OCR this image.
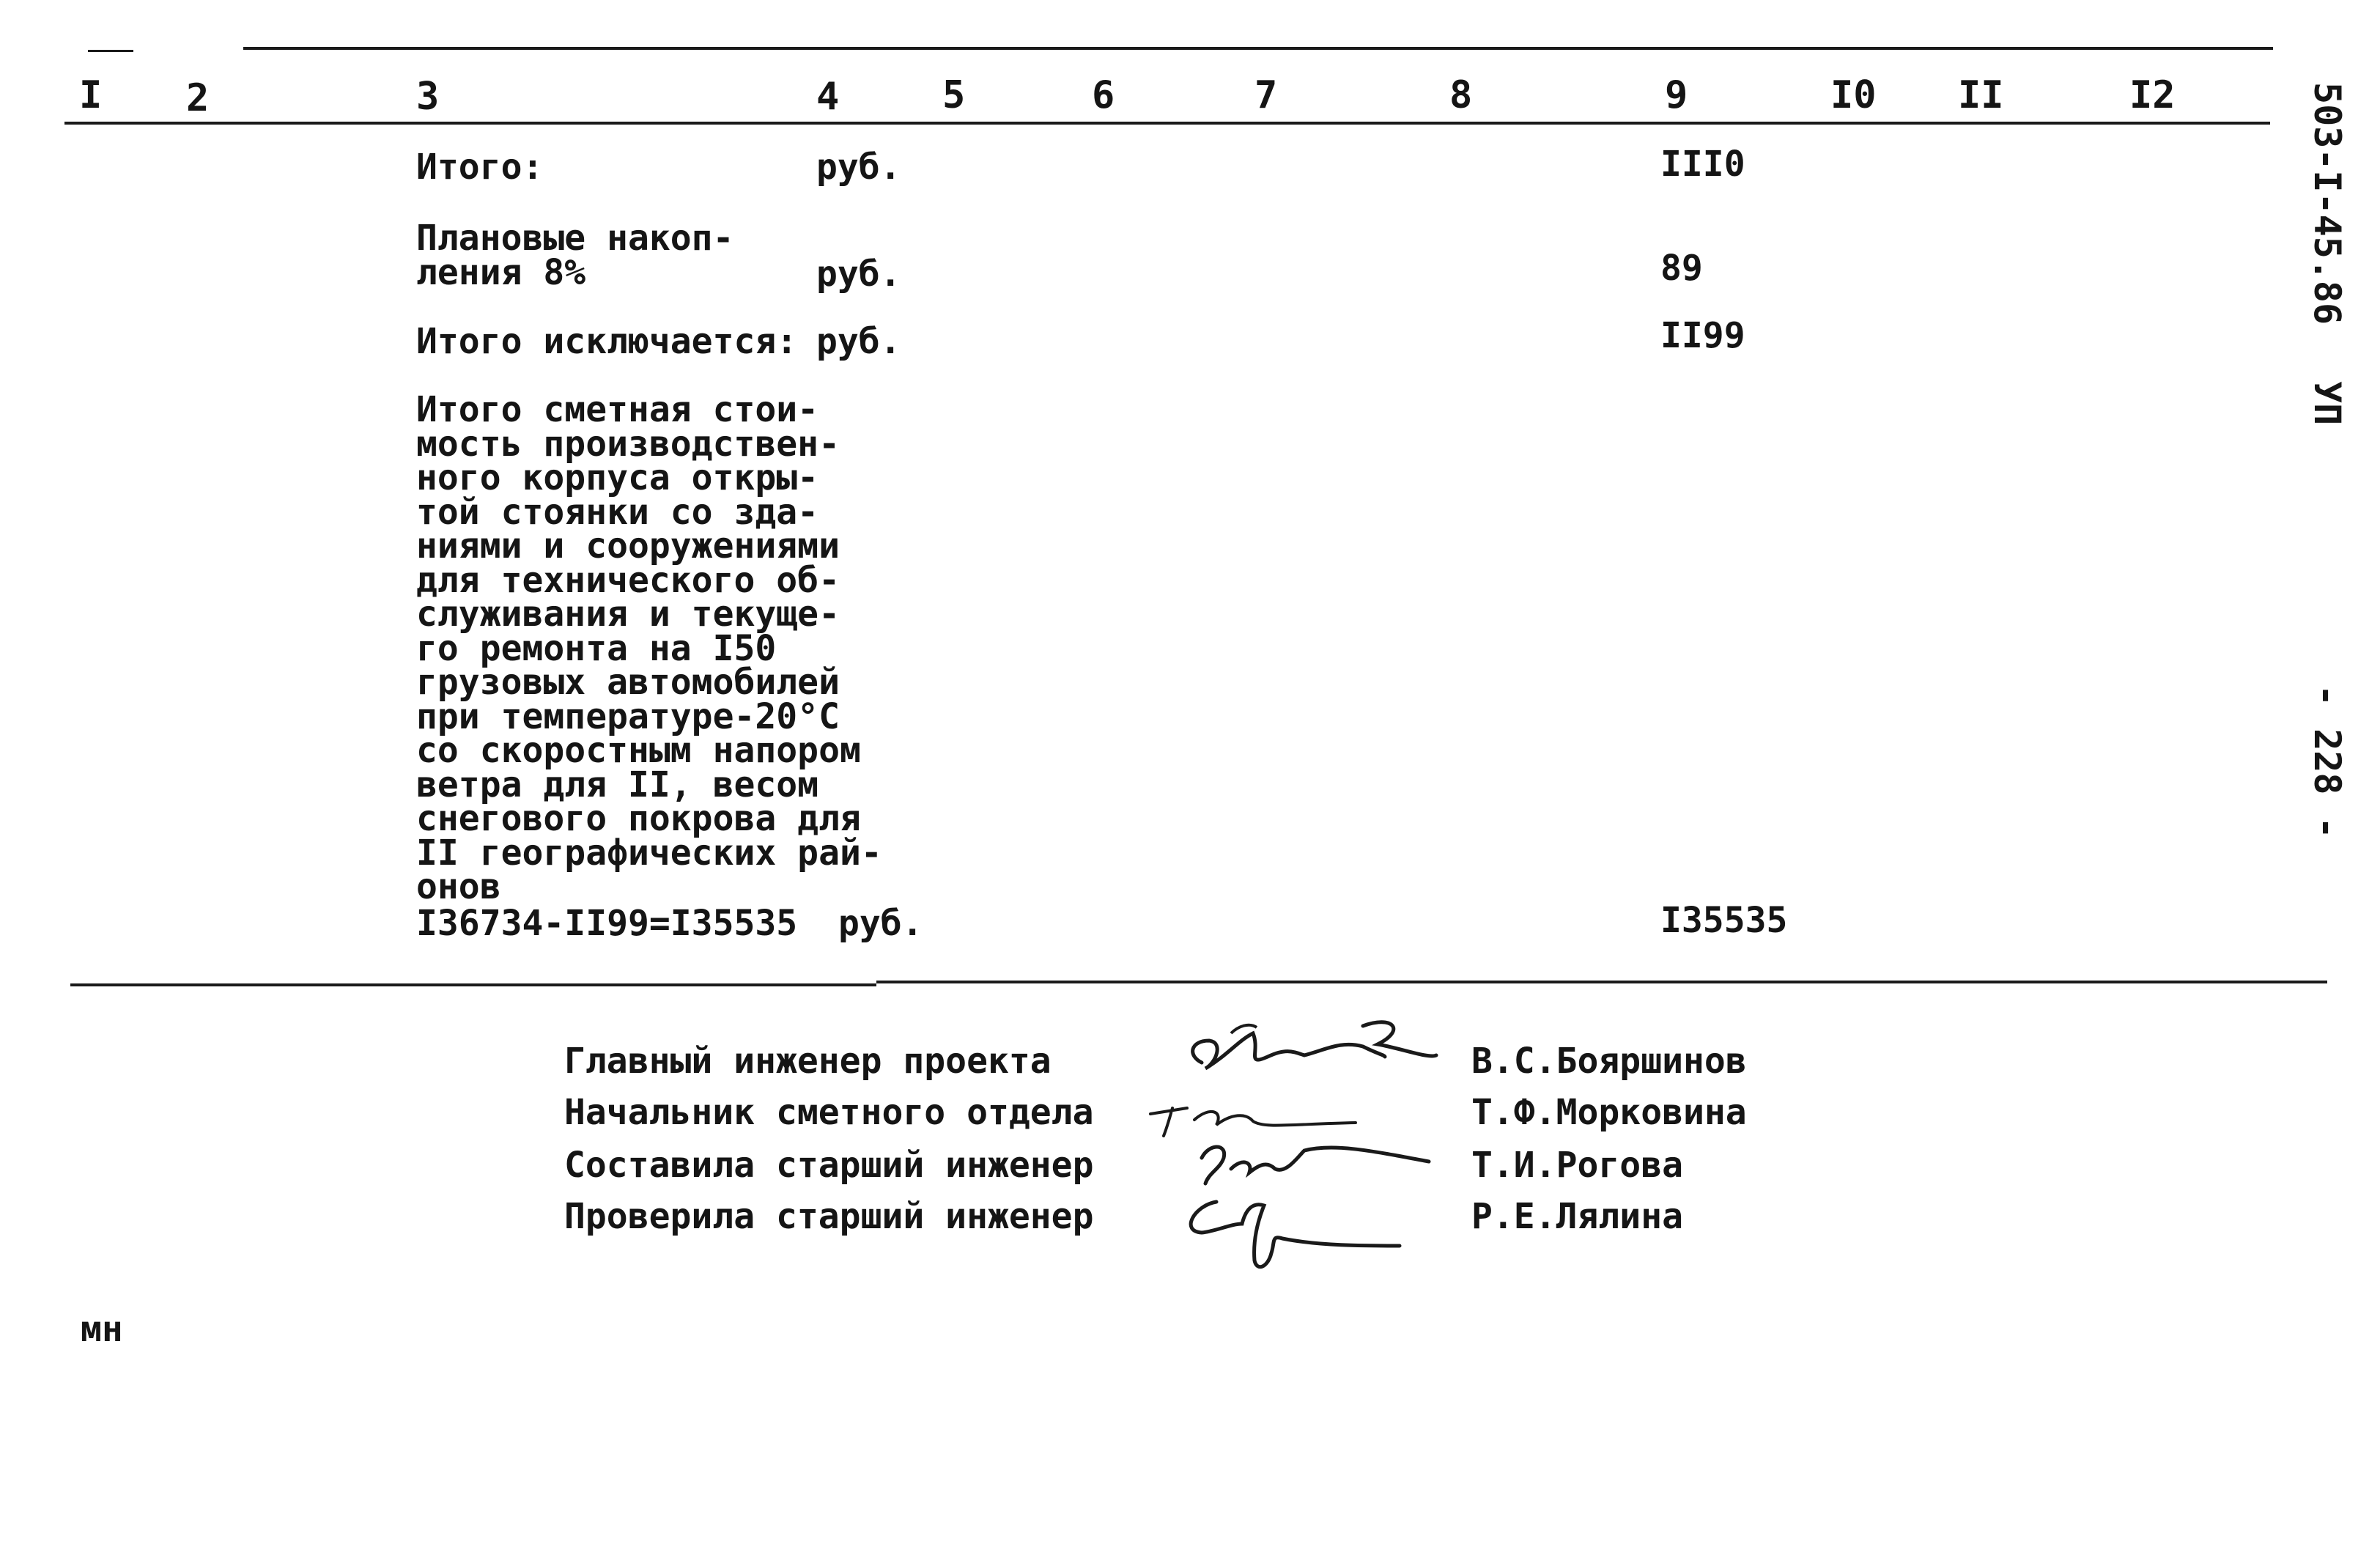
I 2	3	4	5	6	7	8	9	I0 II	I2
Итого:	руб.	III0
Плановые накоп-
ления 8%	руб.	89
Итого исключается: руб.	II99
Итого сметная стои-
мость производствен-
ного корпуса откры-
той стоянки со зда-
ниями и сооружениями
для технического об-
служивания и текуще-
го ремонта на I50
грузовых автомобилей
при температуре-20°С
со скоростным напором
ветра для II, весом
снегового покрова для
II географических рай-
онов
I36734-II99=I35535 руб.	I35535
503-I-45.86
УП
- 228 -
Главный инженер проекта
Начальник сметного отдела
Составила старший инженер
Проверила старший инженер
В.С.Бояршинов
Т.Ф.Морковина
Т.И.Рогова
Р.Е.Лялина
мн
